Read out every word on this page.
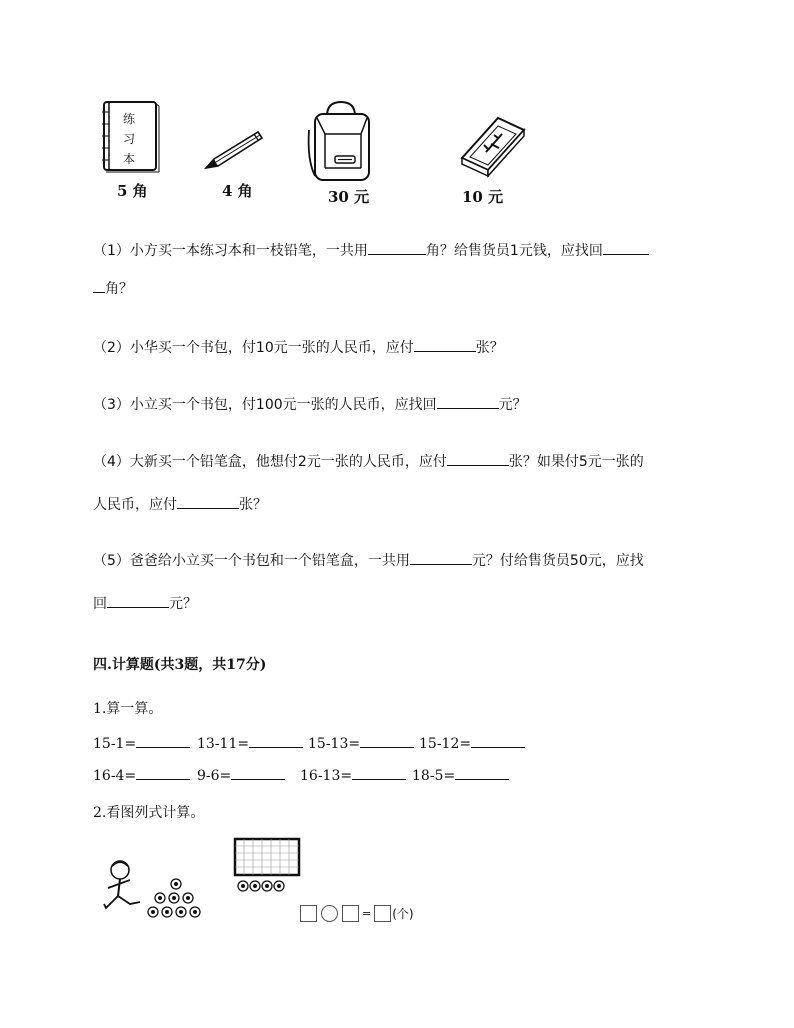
练
习
本
5 角	4 角	30 元	10 元
（1）小方买一本练习本和一枝铅笔，一共用	角？给售货员1元钱，应找回
角？
（2）小华买一个书包，付10元一张的人民币，应付	张？
（3）小立买一个书包，付100元一张的人民币，应找回	元？
（4）大新买一个铅笔盒，他想付2元一张的人民币，应付	张？如果付5元一张的
人民币，应付	张？
（5）爸爸给小立买一个书包和一个铅笔盒，一共用	元？付给售货员50元，应找
回	元？
四.计算题(共3题，共17分)
1.算一算。
15-1=	13-11=	15-13=	15-12=
16-4=	9-6=	16-13=	18-5=
2.看图列式计算。
= (个)
